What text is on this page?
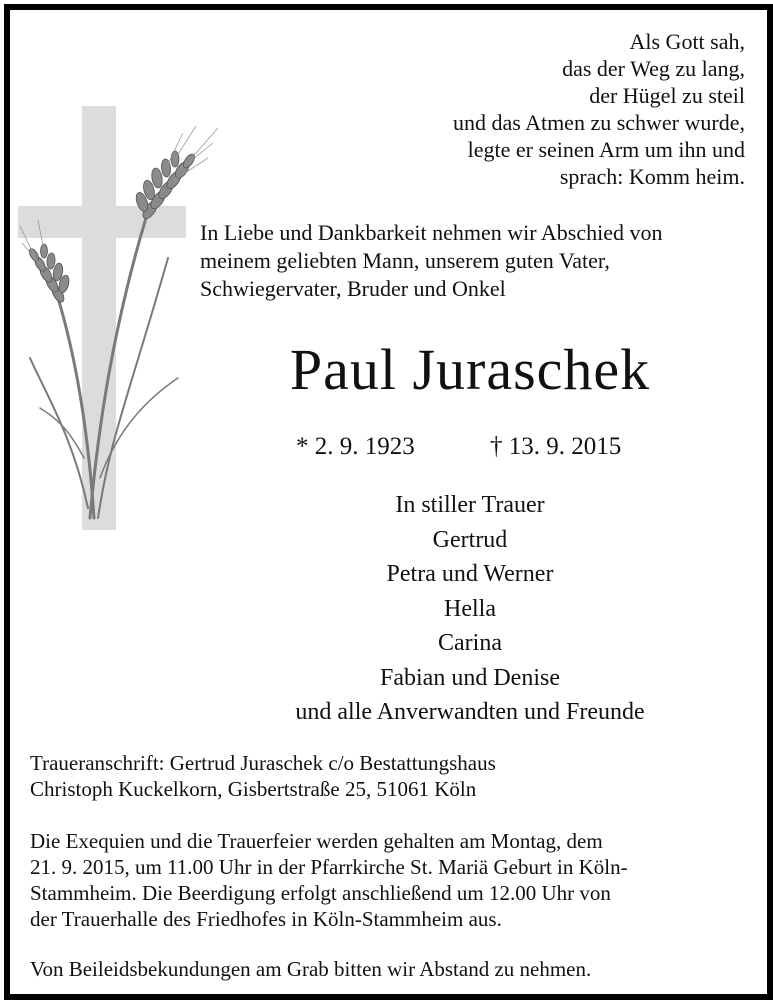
Als Gott sah,
das der Weg zu lang,
der Hügel zu steil
und das Atmen zu schwer wurde,
legte er seinen Arm um ihn und
sprach: Komm heim.
In Liebe und Dankbarkeit nehmen wir Abschied von
meinem geliebten Mann, unserem guten Vater,
Schwiegervater, Bruder und Onkel
Paul Juraschek
* 2. 9. 1923	† 13. 9. 2015
In stiller Trauer
Gertrud
Petra und Werner
Hella
Carina
Fabian und Denise
und alle Anverwandten und Freunde
Traueranschrift: Gertrud Juraschek c/o Bestattungshaus
Christoph Kuckelkorn, Gisbertstraße 25, 51061 Köln
Die Exequien und die Trauerfeier werden gehalten am Montag, dem
21. 9. 2015, um 11.00 Uhr in der Pfarrkirche St. Mariä Geburt in Köln-
Stammheim. Die Beerdigung erfolgt anschließend um 12.00 Uhr von
der Trauerhalle des Friedhofes in Köln-Stammheim aus.
Von Beileidsbekundungen am Grab bitten wir Abstand zu nehmen.
